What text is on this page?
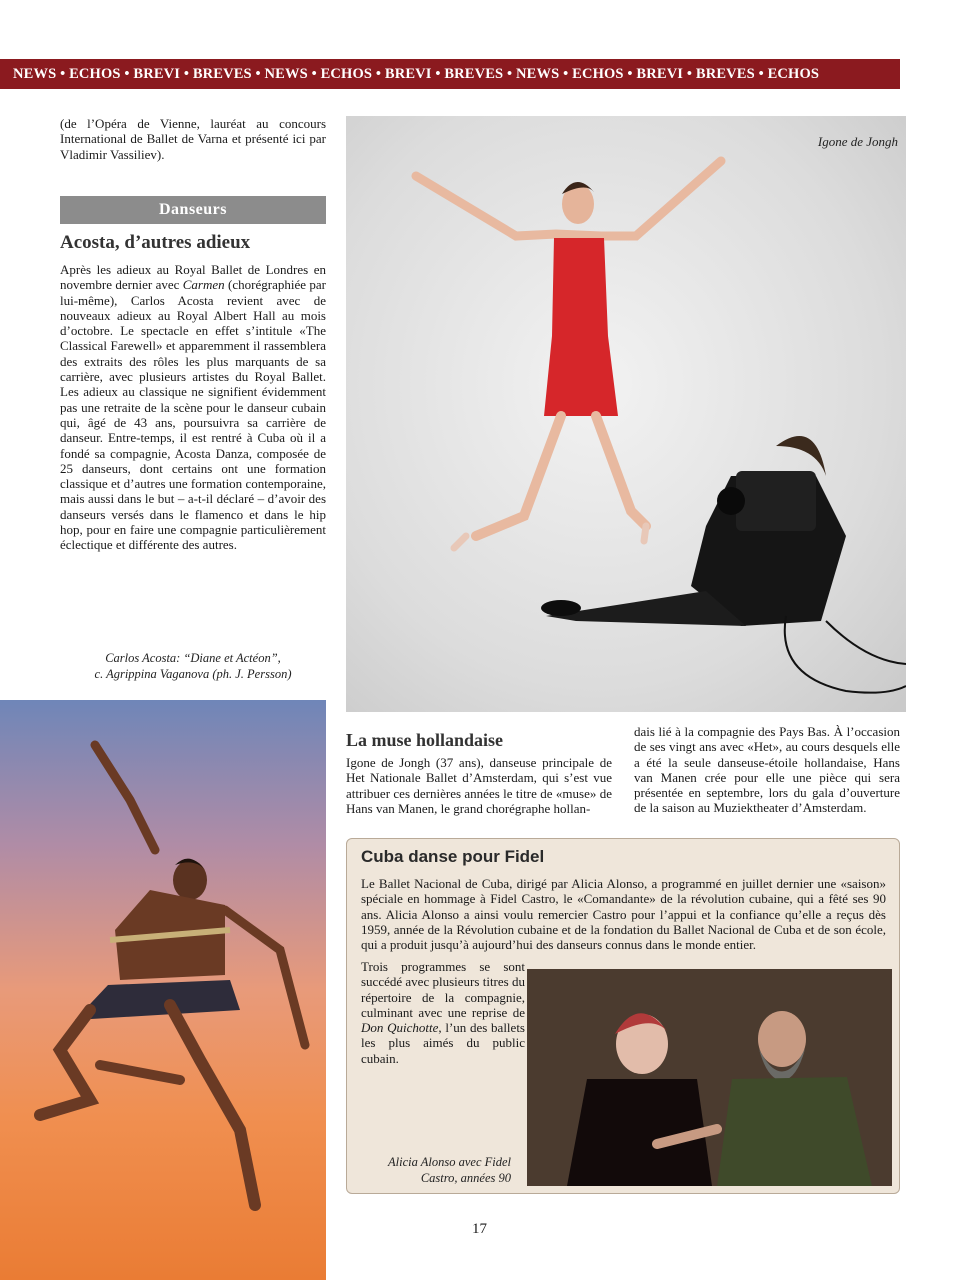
NEWS • ECHOS • BREVI • BREVES • NEWS • ECHOS • BREVI • BREVES • NEWS • ECHOS • BREVI • BREVES • ECHOS
(de l’Opéra de Vienne, lauréat au concours International de Ballet de Varna et présenté ici par Vladimir Vassiliev).
Danseurs
Acosta, d’autres adieux
Après les adieux au Royal Ballet de Londres en novembre dernier avec Carmen (chorégraphiée par lui-même), Carlos Acosta revient avec de nouveaux adieux au Royal Albert Hall au mois d’octobre. Le spectacle en effet s’intitule «The Classical Farewell» et apparemment il rassemblera des extraits des rôles les plus marquants de sa carrière, avec plusieurs artistes du Royal Ballet. Les adieux au classique ne signifient évidemment pas une retraite de la scène pour le danseur cubain qui, âgé de 43 ans, poursuivra sa carrière de danseur. Entre-temps, il est rentré à Cuba où il a fondé sa compagnie, Acosta Danza, composée de 25 danseurs, dont certains ont une formation classique et d’autres une formation contemporaine, mais aussi dans le but – a-t-il déclaré – d’avoir des danseurs versés dans le flamenco et dans le hip hop, pour en faire une compagnie particulièrement éclectique et différente des autres.
Carlos Acosta: “Diane et Actéon”,
c. Agrippina Vaganova (ph. J. Persson)
Igone de Jongh
La muse hollandaise
Igone de Jongh (37 ans), danseuse principale de Het Nationale Ballet d’Amsterdam, qui s’est vue attribuer ces dernières années le titre de «muse» de Hans van Manen, le grand chorégraphe hollan-
dais lié à la compagnie des Pays Bas. À l’occasion de ses vingt ans avec «Het», au cours desquels elle a été la seule danseuse-étoile hollandaise, Hans van Manen crée pour elle une pièce qui sera présentée en septembre, lors du gala d’ouverture de la saison au Muziektheater d’Amsterdam.
Cuba danse pour Fidel
Le Ballet Nacional de Cuba, dirigé par Alicia Alonso, a programmé en juillet dernier une «saison» spéciale en hommage à Fidel Castro, le «Comandante» de la révolution cubaine, qui a fêté ses 90 ans. Alicia Alonso a ainsi voulu remercier Castro pour l’appui et la confiance qu’elle a reçus dès 1959, année de la Révolution cubaine et de la fondation du Ballet Nacional de Cuba et de son école, qui a produit jusqu’à aujourd’hui des danseurs connus dans le monde entier.
Trois programmes se sont succédé avec plusieurs titres du répertoire de la compagnie, culminant avec une reprise de Don Quichotte, l’un des ballets les plus aimés du public cubain.
Alicia Alonso avec Fidel
Castro, années 90
17
